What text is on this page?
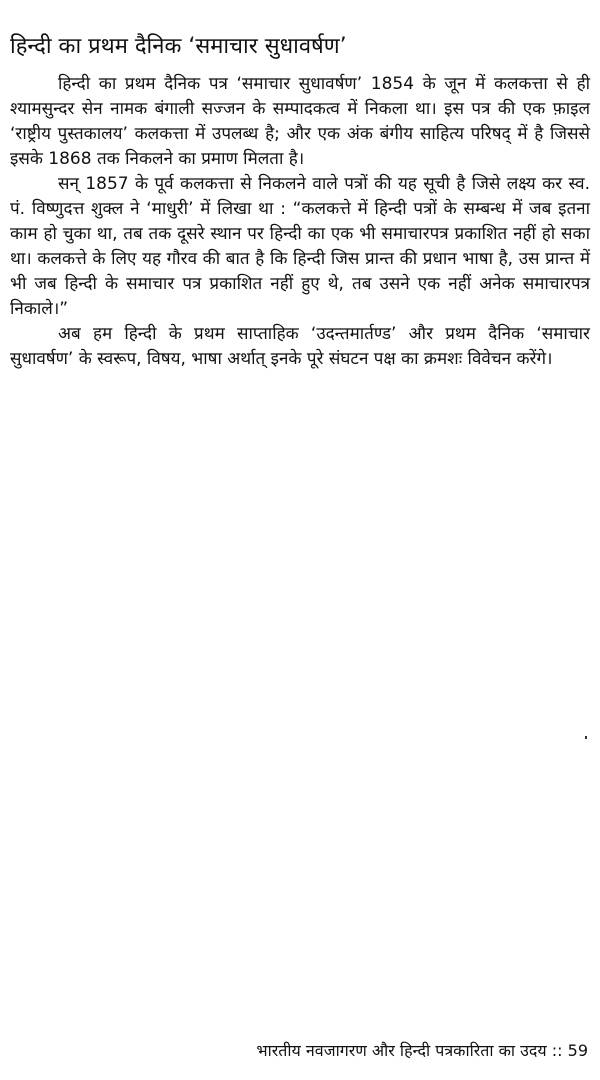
हिन्दी का प्रथम दैनिक ‘समाचार सुधावर्षण’

हिन्दी का प्रथम दैनिक पत्र ‘समाचार सुधावर्षण’ 1854 के जून में कलकत्ता से ही श्यामसुन्दर सेन नामक बंगाली सज्जन के सम्पादकत्व में निकला था। इस पत्र की एक फ़ाइल ‘राष्ट्रीय पुस्तकालय’ कलकत्ता में उपलब्ध है; और एक अंक बंगीय साहित्य परिषद् में है जिससे इसके 1868 तक निकलने का प्रमाण मिलता है।

सन् 1857 के पूर्व कलकत्ता से निकलने वाले पत्रों की यह सूची है जिसे लक्ष्य कर स्व. पं. विष्णुदत्त शुक्ल ने ‘माधुरी’ में लिखा था : “कलकत्ते में हिन्दी पत्रों के सम्बन्ध में जब इतना काम हो चुका था, तब तक दूसरे स्थान पर हिन्दी का एक भी समाचारपत्र प्रकाशित नहीं हो सका था। कलकत्ते के लिए यह गौरव की बात है कि हिन्दी जिस प्रान्त की प्रधान भाषा है, उस प्रान्त में भी जब हिन्दी के समाचार पत्र प्रकाशित नहीं हुए थे, तब उसने एक नहीं अनेक समाचारपत्र निकाले।”

अब हम हिन्दी के प्रथम साप्ताहिक ‘उदन्तमार्तण्ड’ और प्रथम दैनिक ‘समाचार सुधावर्षण’ के स्वरूप, विषय, भाषा अर्थात् इनके पूरे संघटन पक्ष का क्रमशः विवेचन करेंगे।

भारतीय नवजागरण और हिन्दी पत्रकारिता का उदय :: 59
